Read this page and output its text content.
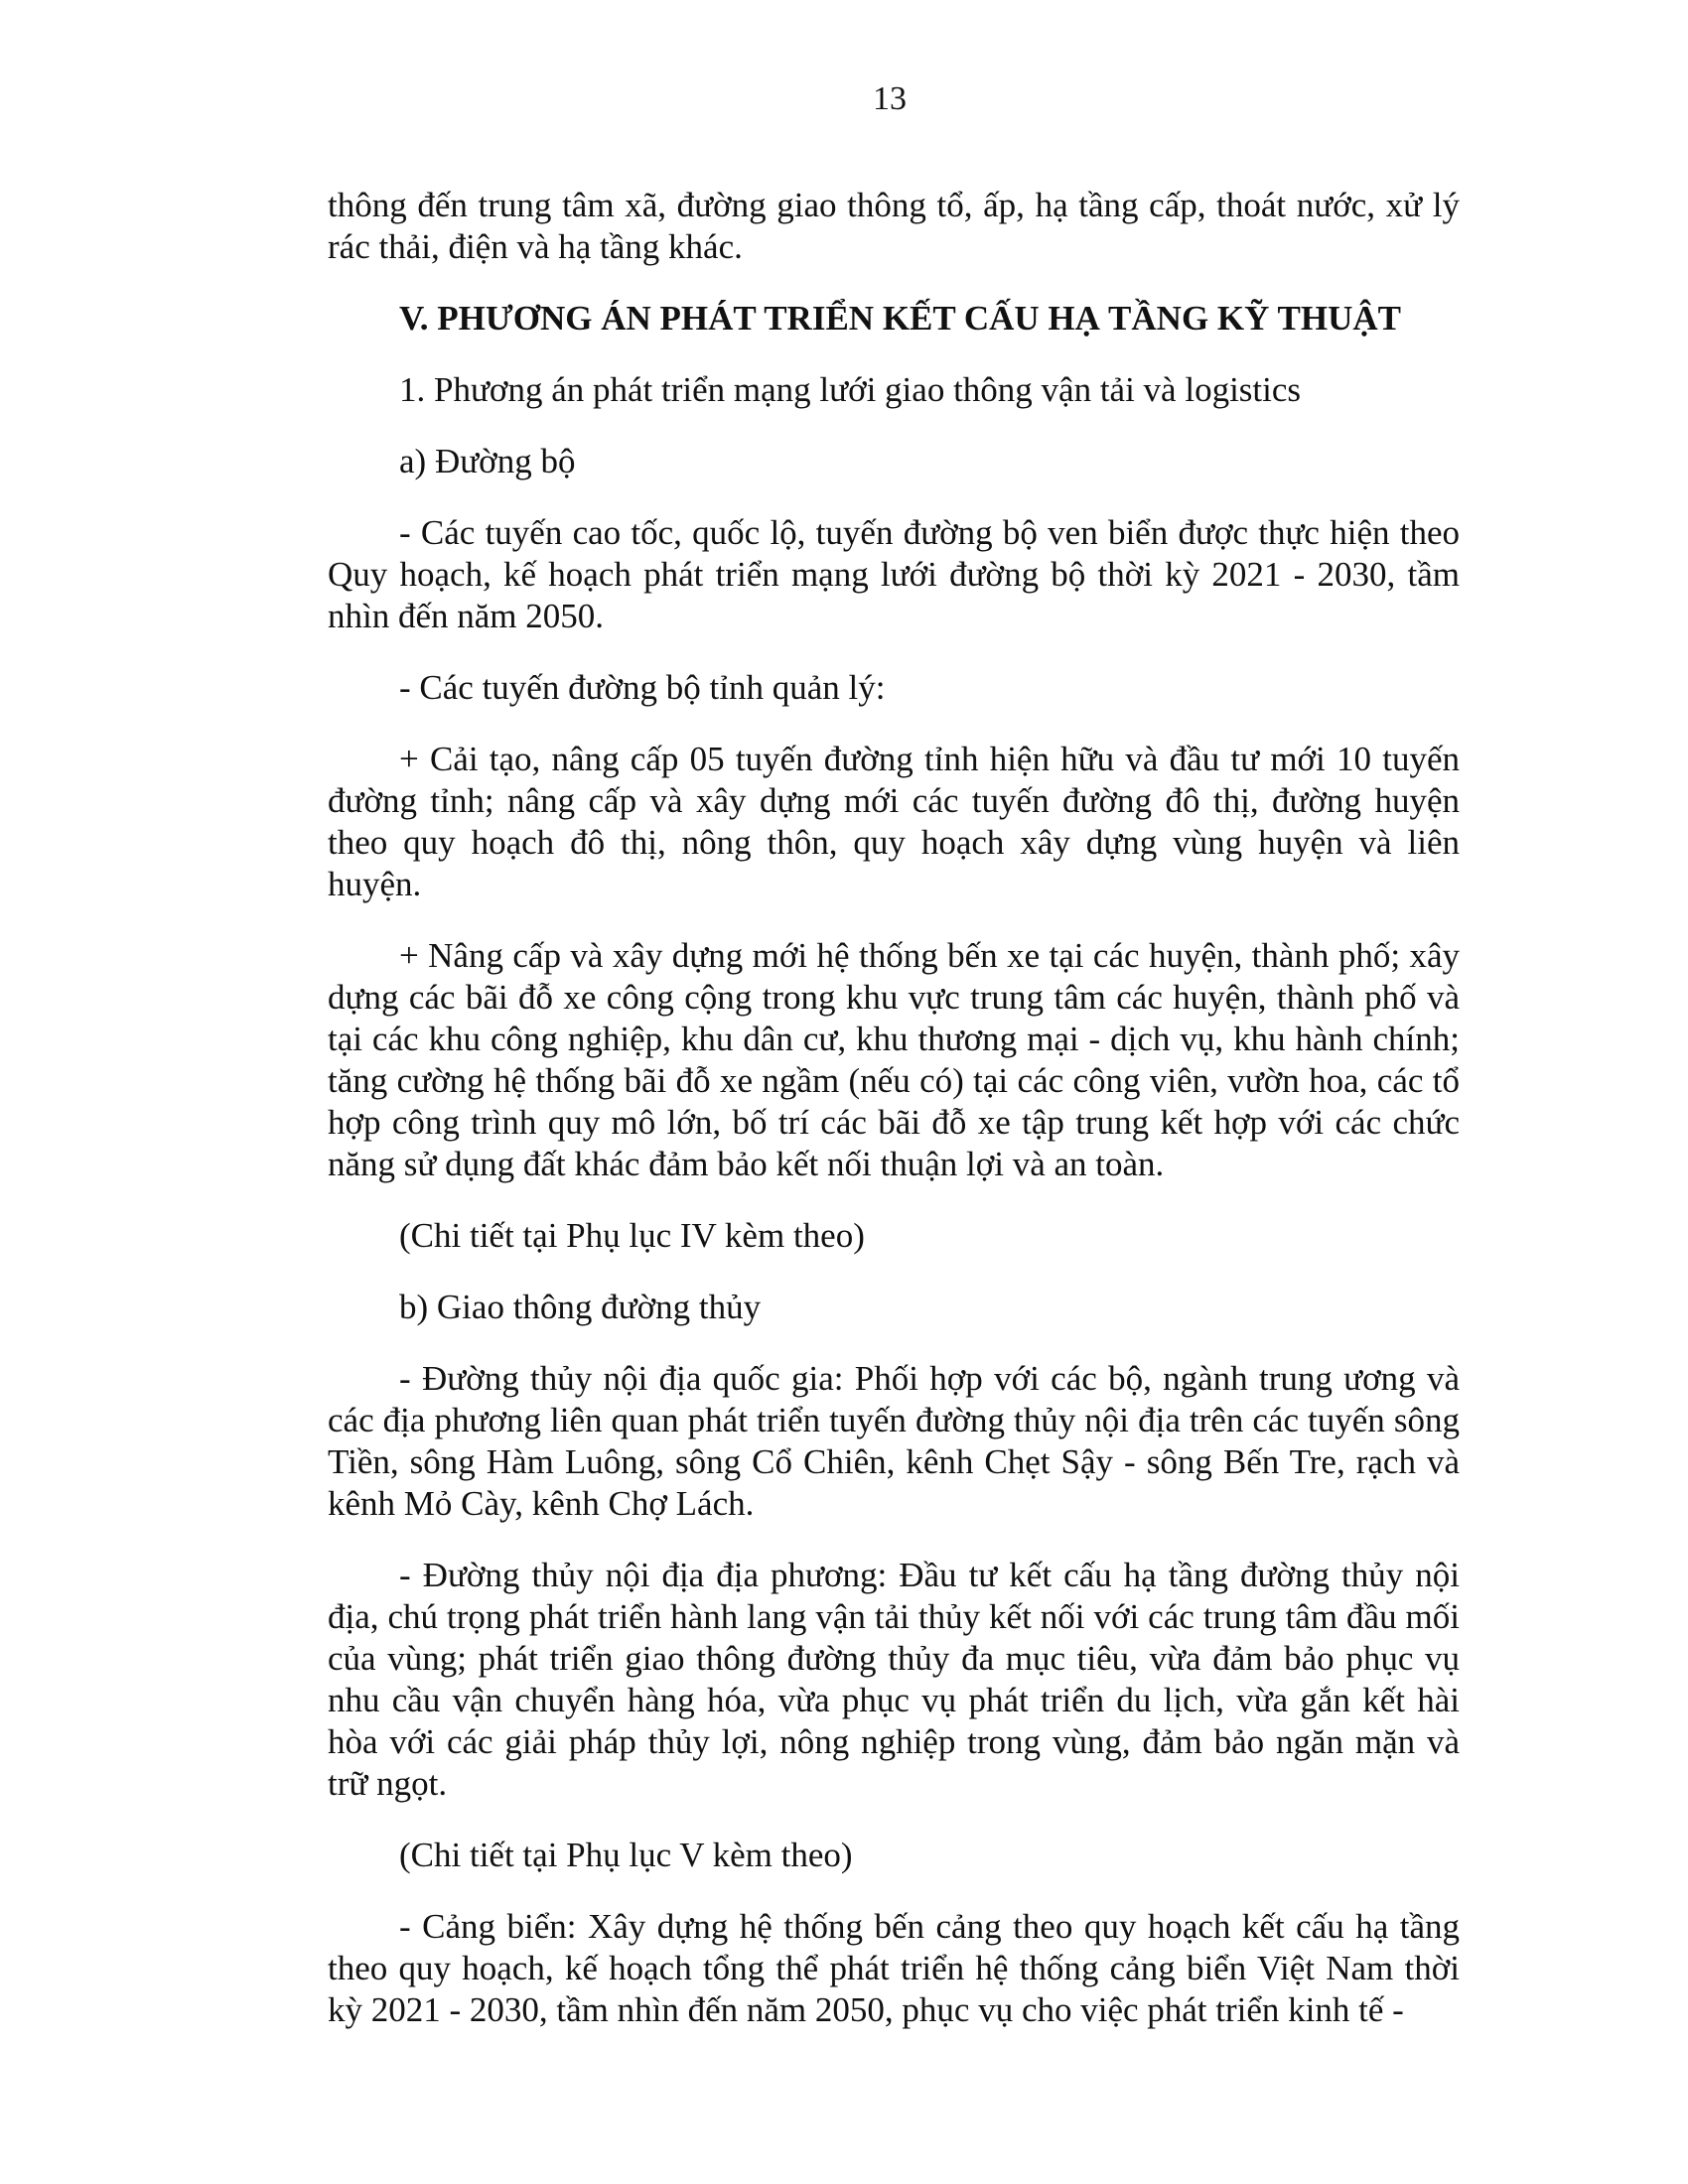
13

thông đến trung tâm xã, đường giao thông tổ, ấp, hạ tầng cấp, thoát nước, xử lý rác thải, điện và hạ tầng khác.

V. PHƯƠNG ÁN PHÁT TRIỂN KẾT CẤU HẠ TẦNG KỸ THUẬT

1. Phương án phát triển mạng lưới giao thông vận tải và logistics

a) Đường bộ

- Các tuyến cao tốc, quốc lộ, tuyến đường bộ ven biển được thực hiện theo Quy hoạch, kế hoạch phát triển mạng lưới đường bộ thời kỳ 2021 - 2030, tầm nhìn đến năm 2050.

- Các tuyến đường bộ tỉnh quản lý:

+ Cải tạo, nâng cấp 05 tuyến đường tỉnh hiện hữu và đầu tư mới 10 tuyến đường tỉnh; nâng cấp và xây dựng mới các tuyến đường đô thị, đường huyện theo quy hoạch đô thị, nông thôn, quy hoạch xây dựng vùng huyện và liên huyện.

+ Nâng cấp và xây dựng mới hệ thống bến xe tại các huyện, thành phố; xây dựng các bãi đỗ xe công cộng trong khu vực trung tâm các huyện, thành phố và tại các khu công nghiệp, khu dân cư, khu thương mại - dịch vụ, khu hành chính; tăng cường hệ thống bãi đỗ xe ngầm (nếu có) tại các công viên, vườn hoa, các tổ hợp công trình quy mô lớn, bố trí các bãi đỗ xe tập trung kết hợp với các chức năng sử dụng đất khác đảm bảo kết nối thuận lợi và an toàn.

(Chi tiết tại Phụ lục IV kèm theo)

b) Giao thông đường thủy

- Đường thủy nội địa quốc gia: Phối hợp với các bộ, ngành trung ương và các địa phương liên quan phát triển tuyến đường thủy nội địa trên các tuyến sông Tiền, sông Hàm Luông, sông Cổ Chiên, kênh Chẹt Sậy - sông Bến Tre, rạch và kênh Mỏ Cày, kênh Chợ Lách.

- Đường thủy nội địa địa phương: Đầu tư kết cấu hạ tầng đường thủy nội địa, chú trọng phát triển hành lang vận tải thủy kết nối với các trung tâm đầu mối của vùng; phát triển giao thông đường thủy đa mục tiêu, vừa đảm bảo phục vụ nhu cầu vận chuyển hàng hóa, vừa phục vụ phát triển du lịch, vừa gắn kết hài hòa với các giải pháp thủy lợi, nông nghiệp trong vùng, đảm bảo ngăn mặn và trữ ngọt.

(Chi tiết tại Phụ lục V kèm theo)

- Cảng biển: Xây dựng hệ thống bến cảng theo quy hoạch kết cấu hạ tầng theo quy hoạch, kế hoạch tổng thể phát triển hệ thống cảng biển Việt Nam thời kỳ 2021 - 2030, tầm nhìn đến năm 2050, phục vụ cho việc phát triển kinh tế -
